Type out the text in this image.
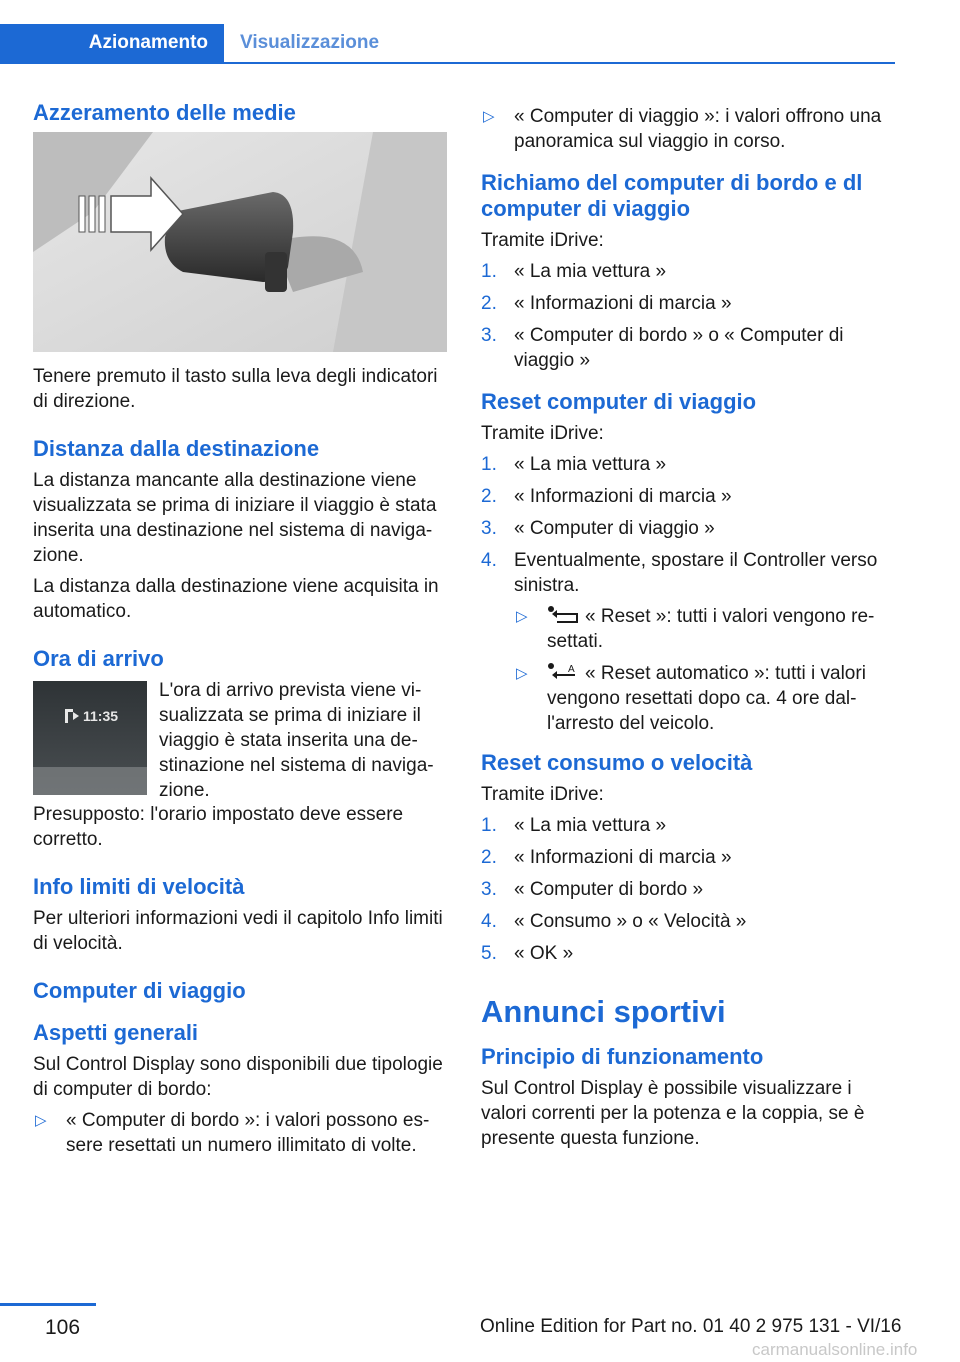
Azionamento	Visualizzazione
Azzeramento delle medie

Tenere premuto il tasto sulla leva degli indicatori di direzione.

Distanza dalla destinazione

La distanza mancante alla destinazione viene visualizzata se prima di iniziare il viaggio è stata inserita una destinazione nel sistema di navigazione.

La distanza dalla destinazione viene acquisita in automatico.

Ora di arrivo
11:35
L'ora di arrivo prevista viene visualizzata se prima di iniziare il viaggio è stata inserita una destinazione nel sistema di navigazione.

Presupposto: l'orario impostato deve essere corretto.

Info limiti di velocità

Per ulteriori informazioni vedi il capitolo Info limiti di velocità.

Computer di viaggio
Aspetti generali

Sul Control Display sono disponibili due tipologie di computer di bordo:

▷ « Computer di bordo »: i valori possono essere resettati un numero illimitato di volte.
▷ « Computer di viaggio »: i valori offrono una panoramica sul viaggio in corso.
Richiamo del computer di bordo e dl computer di viaggio

Tramite iDrive:

1. « La mia vettura »
2. « Informazioni di marcia »
3. « Computer di bordo » o « Computer di viaggio »
Reset computer di viaggio

Tramite iDrive:

1. « La mia vettura »
2. « Informazioni di marcia »
3. « Computer di viaggio »
4. Eventualmente, spostare il Controller verso sinistra.
▷	« Reset »: tutti i valori vengono resettati.
▷	A « Reset automatico »: tutti i valori vengono resettati dopo ca. 4 ore dall'arresto del veicolo.
Reset consumo o velocità

Tramite iDrive:

1. « La mia vettura »
2. « Informazioni di marcia »
3. « Computer di bordo »
4. « Consumo » o « Velocità »
5. « OK »
Annunci sportivi
Principio di funzionamento

Sul Control Display è possibile visualizzare i valori correnti per la potenza e la coppia, se è presente questa funzione.

106	Online Edition for Part no. 01 40 2 975 131 - VI/16
carmanualsonline.info
